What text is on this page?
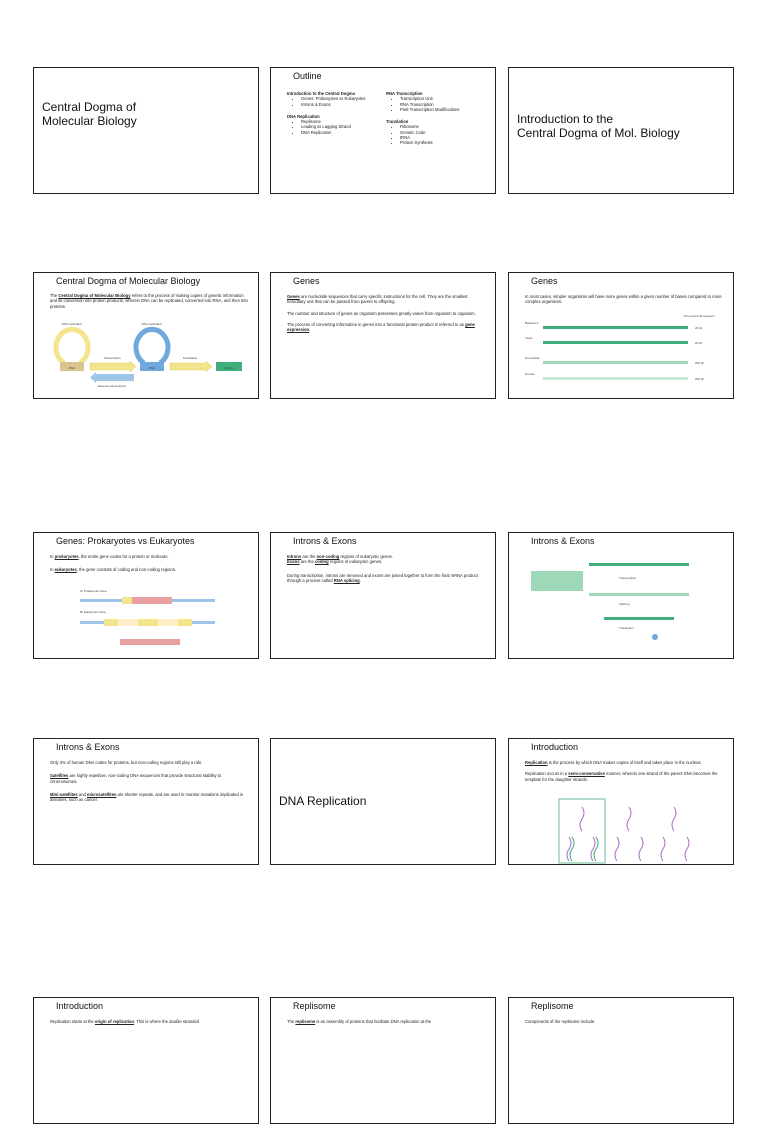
Central Dogma of
Molecular Biology
Outline
Introduction to the Central Dogma
• Genes: Prokaryotes vs Eukaryotes
• Introns & Exons
DNA Replication
• Replisome
• Leading vs Lagging Strand
• DNA Replication
RNA Transcription
• Transcription Unit
• RNA Transcription
• Post-Transcription Modifications
Translation
• Ribosome
• Genetic Code
• tRNA
• Protein Synthesis
Introduction to the
Central Dogma of Mol. Biology
Central Dogma of Molecular Biology

The Central Dogma of Molecular Biology refers to the process of making copies of genetic information and its conversion into protein products, wherein DNA can be replicated, converted into RNA, and then into proteins.

DNA replication	RNA replication
DNA	RNA	Protein
Transcription	Translation
Reverse transcription
Genes

Genes are nucleotide sequences that carry specific instructions for the cell. They are the smallest hereditary unit that can be passed from parent to offspring.

The number and structure of genes an organism possesses greatly varies from organism to organism.

The process of converting information in genes into a functional protein product is referred to as gene expression.

Genes

In most cases, simpler organisms will have more genes within a given number of bases compared to more complex organisms.

Chromosomal segment
Bacterium
20 kb
Yeast
20 kb
Drosophila
200 kb
Human
200 kb
Genes: Prokaryotes vs Eukaryotes

In prokaryotes, the entire gene codes for a protein or molecule.

In eukaryotes, the gene consists of coding and non-coding regions.

A) Prokaryotic Gene
B) Eukaryotic Gene
Introns & Exons

Introns are the non-coding regions of eukaryotic genes.

Exons are the coding regions of eukaryotic genes.

During transcription, introns are removed and exons are joined together to form the final mRNA product through a process called RNA splicing.

Introns & Exons
Transcription
Splicing
Translation
Introns & Exons

Only 3% of human DNA codes for proteins, but non-coding regions still play a role.

Satellites are highly repetitive, non-coding DNA sequences that provide structural stability to chromosomes.

Mini-satellites and microsatellites are shorter repeats, and are used to monitor mutations implicated in diseases, such as cancer.	DNA Replication
Introduction

Replication is the process by which DNA makes copies of itself and takes place in the nucleus.

Replication occurs in a semi-conservative manner, wherein one strand of the parent DNA becomes the template for the daughter strands.

Introduction

Replication starts at the origin of replication. This is where the double stranded

Replisome

The replisome is an assembly of proteins that facilitate DNA replication at the

Replisome

Components of the replisome include:
